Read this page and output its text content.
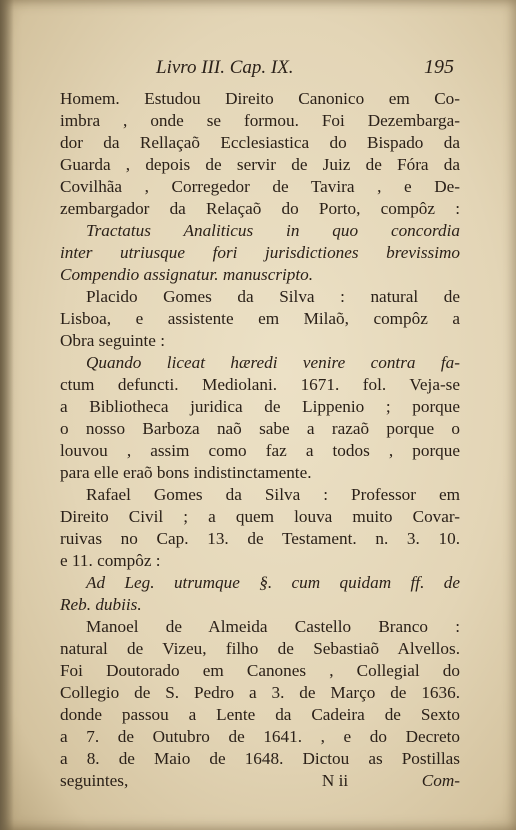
Livro III. Cap. IX.	195
Homem. Estudou Direito Canonico em Co-
imbra , onde se formou. Foi Dezembarga-
dor da Rellaçaõ Ecclesiastica do Bispado da
Guarda , depois de servir de Juiz de Fóra da
Covilhãa , Corregedor de Tavira , e De-
zembargador da Relaçaõ do Porto, compôz :
Tractatus Analiticus in quo concordia
inter utriusque fori jurisdictiones brevissimo
Compendio assignatur. manuscripto.
Placido Gomes da Silva : natural de
Lisboa, e assistente em Milaõ, compôz a
Obra seguinte :
Quando liceat hæredi venire contra fa-
ctum defuncti. Mediolani. 1671. fol. Veja-se
a Bibliotheca juridica de Lippenio ; porque
o nosso Barboza naõ sabe a razaõ porque o
louvou , assim como faz a todos , porque
para elle eraõ bons indistinctamente.
Rafael Gomes da Silva : Professor em
Direito Civil ; a quem louva muito Covar-
ruivas no Cap. 13. de Testament. n. 3. 10.
e 11. compôz :
Ad Leg. utrumque §. cum quidam ff. de
Reb. dubiis.
Manoel de Almeida Castello Branco :
natural de Vizeu, filho de Sebastiaõ Alvellos.
Foi Doutorado em Canones , Collegial do
Collegio de S. Pedro a 3. de Março de 1636.
donde passou a Lente da Cadeira de Sexto
a 7. de Outubro de 1641. , e do Decreto
a 8. de Maio de 1648. Dictou as Postillas
seguintes,	N ii	Com-
